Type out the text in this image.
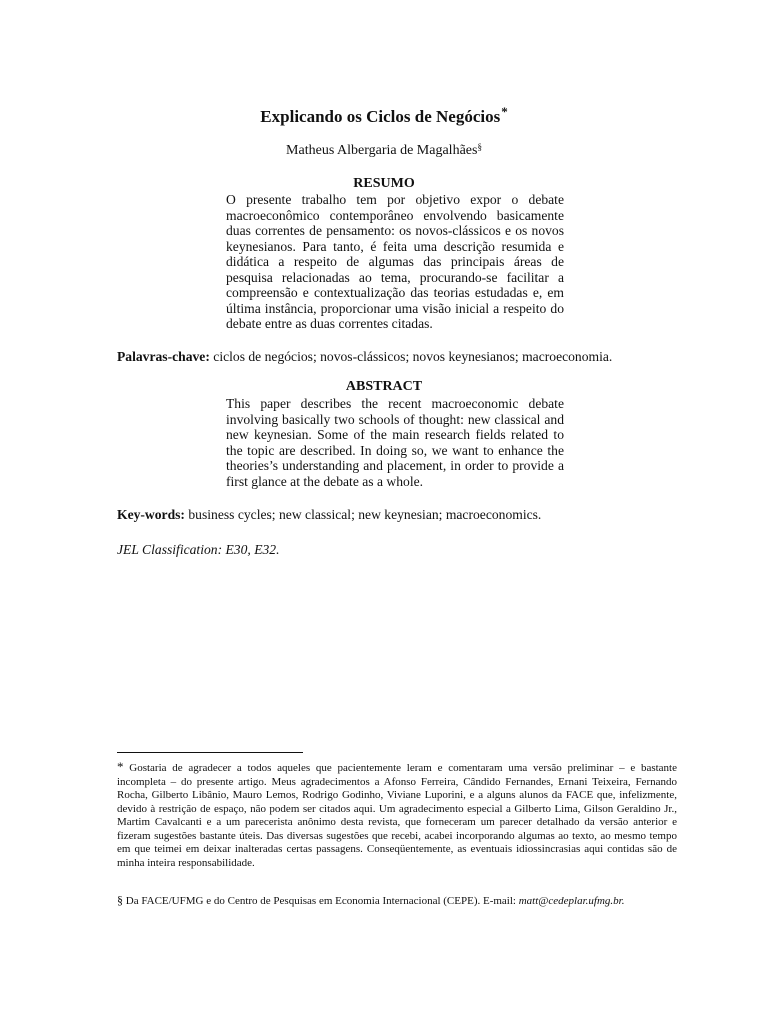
Explicando os Ciclos de Negócios*
Matheus Albergaria de Magalhães§
RESUMO
O presente trabalho tem por objetivo expor o debate macroeconômico contemporâneo envolvendo basicamente duas correntes de pensamento: os novos-clássicos e os novos keynesianos. Para tanto, é feita uma descrição resumida e didática a respeito de algumas das principais áreas de pesquisa relacionadas ao tema, procurando-se facilitar a compreensão e contextualização das teorias estudadas e, em última instância, proporcionar uma visão inicial a respeito do debate entre as duas correntes citadas.
Palavras-chave: ciclos de negócios; novos-clássicos; novos keynesianos; macroeconomia.
ABSTRACT
This paper describes the recent macroeconomic debate involving basically two schools of thought: new classical and new keynesian. Some of the main research fields related to the topic are described. In doing so, we want to enhance the theories’s understanding and placement, in order to provide a first glance at the debate as a whole.
Key-words: business cycles; new classical; new keynesian; macroeconomics.
JEL Classification: E30, E32.
* Gostaria de agradecer a todos aqueles que pacientemente leram e comentaram uma versão preliminar – e bastante incompleta – do presente artigo. Meus agradecimentos a Afonso Ferreira, Cândido Fernandes, Ernani Teixeira, Fernando Rocha, Gilberto Libânio, Mauro Lemos, Rodrigo Godinho, Viviane Luporini, e a alguns alunos da FACE que, infelizmente, devido à restrição de espaço, não podem ser citados aqui. Um agradecimento especial a Gilberto Lima, Gilson Geraldino Jr., Martim Cavalcanti e a um parecerista anônimo desta revista, que forneceram um parecer detalhado da versão anterior e fizeram sugestões bastante úteis. Das diversas sugestões que recebi, acabei incorporando algumas ao texto, ao mesmo tempo em que teimei em deixar inalteradas certas passagens. Conseqüentemente, as eventuais idiossincrasias aqui contidas são de minha inteira responsabilidade.
§ Da FACE/UFMG e do Centro de Pesquisas em Economia Internacional (CEPE). E-mail: matt@cedeplar.ufmg.br.
